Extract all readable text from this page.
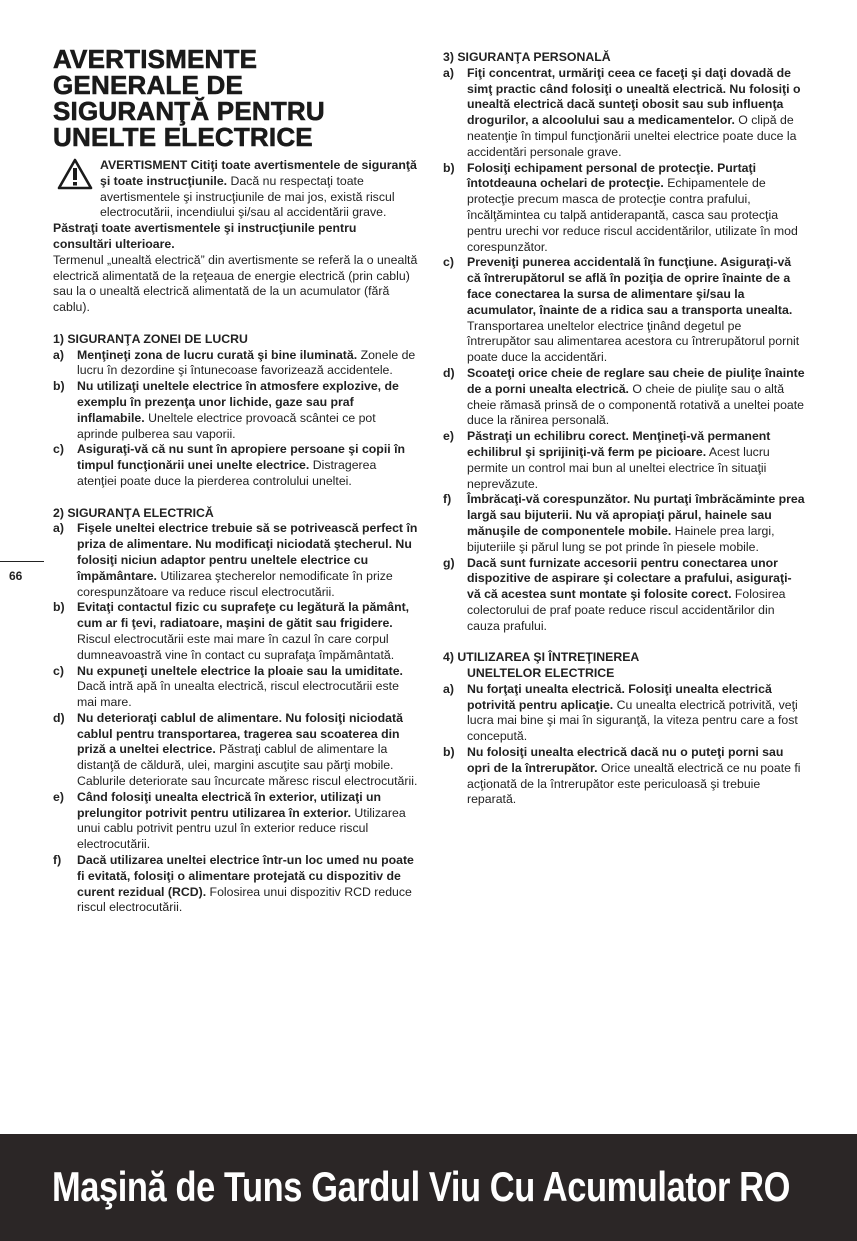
AVERTISMENTE
GENERALE DE
SIGURANŢĂ PENTRU
UNELTE ELECTRICE
AVERTISMENT Citiţi toate avertismentele de siguranţă şi toate instrucţiunile. Dacă nu respectaţi toate avertismentele şi instrucţiunile de mai jos, există riscul electrocutării, incendiului şi/sau al accidentării grave.

Păstraţi toate avertismentele şi instrucţiunile pentru consultări ulterioare.

Termenul „unealtă electrică” din avertismente se referă la o unealtă electrică alimentată de la reţeaua de energie electrică (prin cablu) sau la o unealtă electrică alimentată de la un acumulator (fără cablu).

1) SIGURANŢA ZONEI DE LUCRU

a) Menţineţi zona de lucru curată şi bine iluminată. Zonele de lucru în dezordine şi întunecoase favorizează accidentele.
b) Nu utilizaţi uneltele electrice în atmosfere explozive, de exemplu în prezenţa unor lichide, gaze sau praf inflamabile. Uneltele electrice provoacă scântei ce pot aprinde pulberea sau vaporii.
c) Asiguraţi-vă că nu sunt în apropiere persoane şi copii în timpul funcţionării unei unelte electrice. Distragerea atenţiei poate duce la pierderea controlului uneltei.

2) SIGURANŢA ELECTRICĂ

a) Fişele uneltei electrice trebuie să se potrivească perfect în priza de alimentare. Nu modificaţi niciodată ştecherul. Nu folosiţi niciun adaptor pentru uneltele electrice cu împământare. Utilizarea ştecherelor nemodificate în prize corespunzătoare va reduce riscul electrocutării.
b) Evitaţi contactul fizic cu suprafeţe cu legătură la pământ, cum ar fi ţevi, radiatoare, maşini de gătit sau frigidere. Riscul electrocutării este mai mare în cazul în care corpul dumneavoastră vine în contact cu suprafaţa împământată.
c) Nu expuneţi uneltele electrice la ploaie sau la umiditate. Dacă intră apă în unealta electrică, riscul electrocutării este mai mare.
d) Nu deterioraţi cablul de alimentare. Nu folosiţi niciodată cablul pentru transportarea, tragerea sau scoaterea din priză a uneltei electrice. Păstraţi cablul de alimentare la distanţă de căldură, ulei, margini ascuţite sau părţi mobile. Cablurile deteriorate sau încurcate măresc riscul electrocutării.
e) Când folosiţi unealta electrică în exterior, utilizaţi un prelungitor potrivit pentru utilizarea în exterior. Utilizarea unui cablu potrivit pentru uzul în exterior reduce riscul electrocutării.
f) Dacă utilizarea uneltei electrice într-un loc umed nu poate fi evitată, folosiţi o alimentare protejată cu dispozitiv de curent rezidual (RCD). Folosirea unui dispozitiv RCD reduce riscul electrocutării.

3) SIGURANŢA PERSONALĂ

a) Fiţi concentrat, urmăriţi ceea ce faceţi şi daţi dovadă de simţ practic când folosiţi o unealtă electrică. Nu folosiţi o unealtă electrică dacă sunteţi obosit sau sub influenţa drogurilor, a alcoolului sau a medicamentelor. O clipă de neatenţie în timpul funcţionării uneltei electrice poate duce la accidentări personale grave.
b) Folosiţi echipament personal de protecţie. Purtaţi întotdeauna ochelari de protecţie. Echipamentele de protecţie precum masca de protecţie contra prafului, încălţămintea cu talpă antiderapantă, casca sau protecţia pentru urechi vor reduce riscul accidentărilor, utilizate în mod corespunzător.
c) Preveniţi punerea accidentală în funcţiune. Asiguraţi-vă că întrerupătorul se află în poziţia de oprire înainte de a face conectarea la sursa de alimentare şi/sau la acumulator, înainte de a ridica sau a transporta unealta. Transportarea uneltelor electrice ţinând degetul pe întrerupător sau alimentarea acestora cu întrerupătorul pornit poate duce la accidentări.
d) Scoateţi orice cheie de reglare sau cheie de piuliţe înainte de a porni unealta electrică. O cheie de piuliţe sau o altă cheie rămasă prinsă de o componentă rotativă a uneltei poate duce la rănirea personală.
e) Păstraţi un echilibru corect. Menţineţi-vă permanent echilibrul şi sprijiniţi-vă ferm pe picioare. Acest lucru permite un control mai bun al uneltei electrice în situaţii neprevăzute.
f) Îmbrăcaţi-vă corespunzător. Nu purtaţi îmbrăcăminte prea largă sau bijuterii. Nu vă apropiaţi părul, hainele sau mănuşile de componentele mobile. Hainele prea largi, bijuteriile şi părul lung se pot prinde în piesele mobile.
g) Dacă sunt furnizate accesorii pentru conectarea unor dispozitive de aspirare şi colectare a prafului, asiguraţi-vă că acestea sunt montate şi folosite corect. Folosirea colectorului de praf poate reduce riscul accidentărilor din cauza prafului.

4) UTILIZAREA ŞI ÎNTREŢINEREA

UNELTELOR ELECTRICE

a) Nu forţaţi unealta electrică. Folosiţi unealta electrică potrivită pentru aplicaţie. Cu unealta electrică potrivită, veţi lucra mai bine şi mai în siguranţă, la viteza pentru care a fost concepută.
b) Nu folosiţi unealta electrică dacă nu o puteţi porni sau opri de la întrerupător. Orice unealtă electrică ce nu poate fi acţionată de la întrerupător este periculoasă şi trebuie reparată.
66
Maşină de Tuns Gardul Viu Cu Acumulator RO
